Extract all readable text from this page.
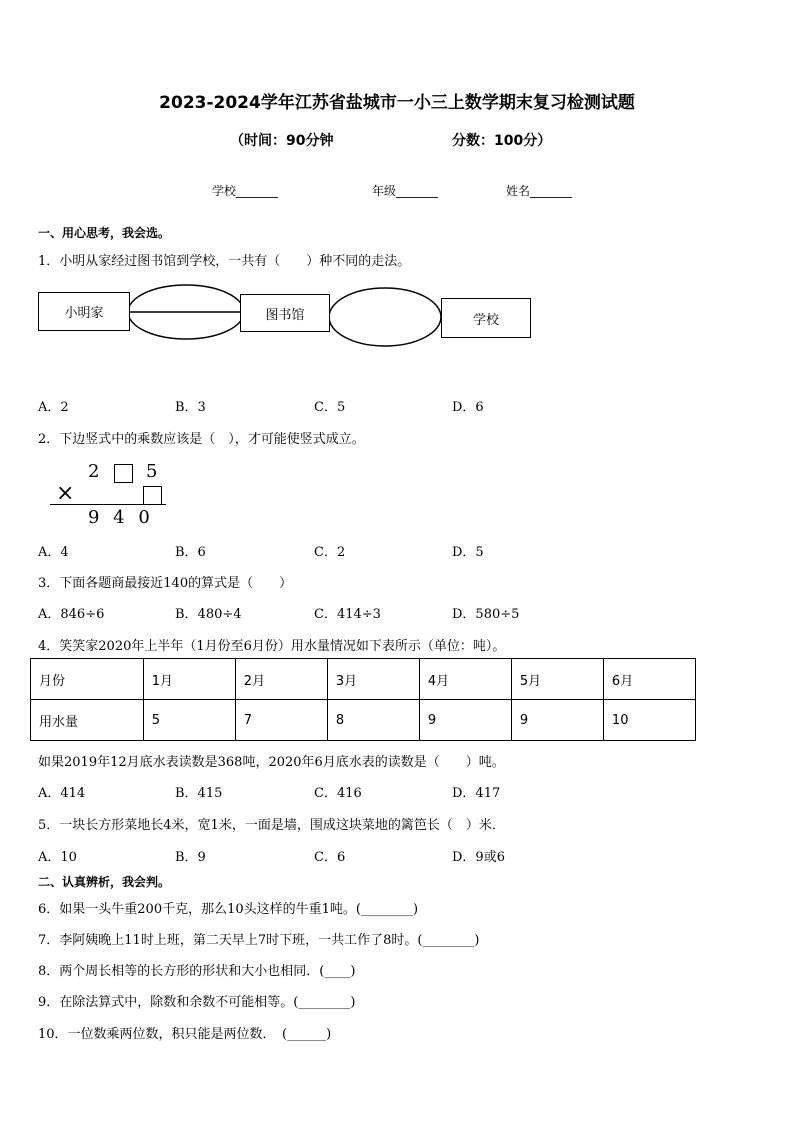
2023-2024学年江苏省盐城市一小三上数学期末复习检测试题
（时间：90分钟	分数：100分）
学校_______	年级_______	姓名_______
一、用心思考，我会选。
1．小明从家经过图书馆到学校，一共有（　　）种不同的走法。
小明家	图书馆	学校
A．2	B．3	C．5	D．6
2．下边竖式中的乘数应该是（　），才可能使竖式成立。
2	5
×
9 4 0
A．4	B．6	C．2	D．5
3．下面各题商最接近140的算式是（　　）
A．846÷6	B．480÷4	C．414÷3	D．580÷5
4．笑笑家2020年上半年（1月份至6月份）用水量情况如下表所示（单位：吨）。
月份	1月	2月	3月	4月	5月	6月
用水量	5	7	8	9	9	10
如果2019年12月底水表读数是368吨，2020年6月底水表的读数是（　　）吨。
A．414	B．415	C．416	D．417
5．一块长方形菜地长4米，宽1米，一面是墙，围成这块菜地的篱笆长（　）米．
A．10	B．9	C．6	D．9或6
二、认真辨析，我会判。
6．如果一头牛重200千克，那么10头这样的牛重1吨。(________)
7．李阿姨晚上11时上班，第二天早上7时下班，一共工作了8时。(________)
8．两个周长相等的长方形的形状和大小也相同．(____)
9．在除法算式中，除数和余数不可能相等。(________)
10．一位数乘两位数，积只能是两位数．　(______)
